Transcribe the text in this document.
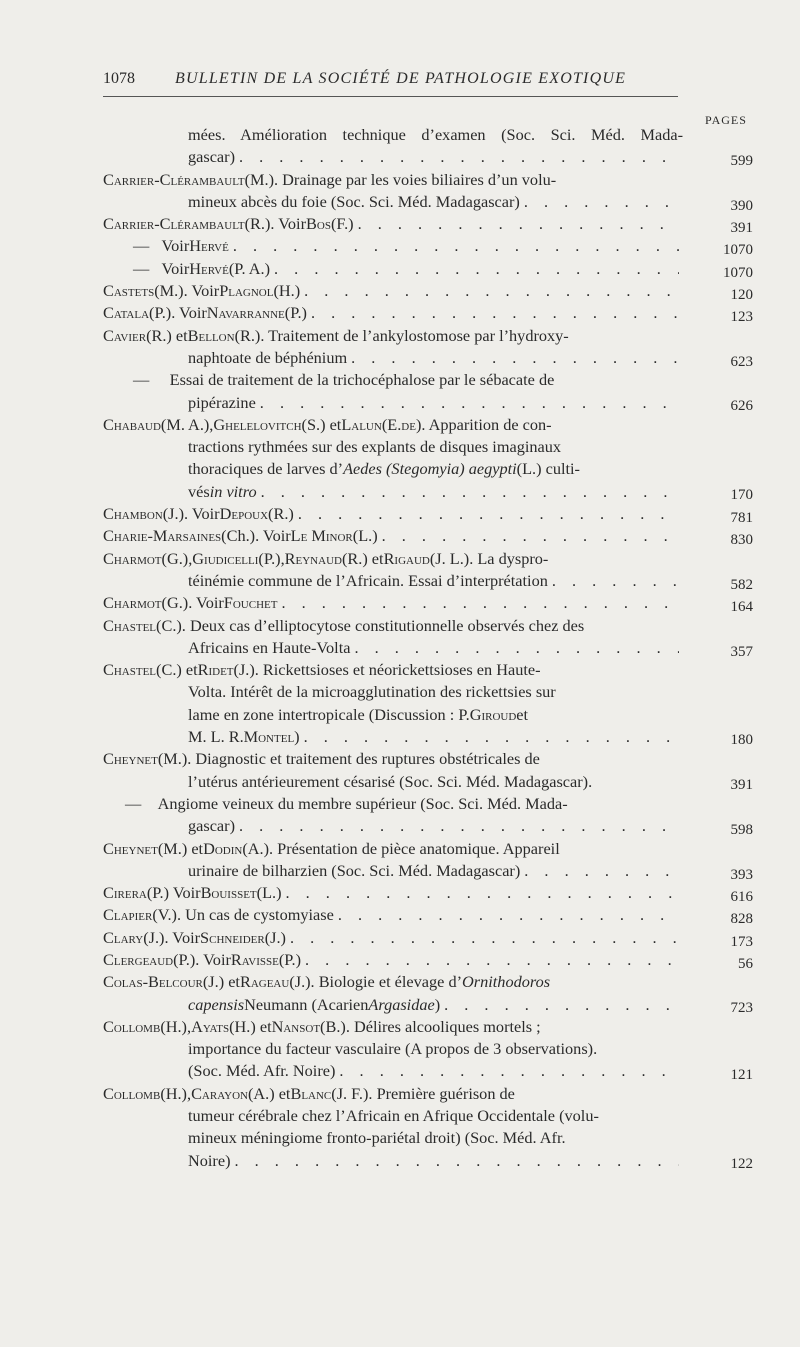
1078	BULLETIN DE LA SOCIÉTÉ DE PATHOLOGIE EXOTIQUE
PAGES
mées. Amélioration technique d’examen (Soc. Sci. Méd. Mada-
gascar) . . .	599
Carrier-Clérambault (M.). Drainage par les voies biliaires d’un volu-
mineux abcès du foie (Soc. Sci. Méd. Madagascar) . . .	390
Carrier-Clérambault (R.). Voir Bos (F.) . . .	391
—
Voir Hervé . . .	1070
—
Voir Hervé (P. A.) . . .	1070
Castets (M.). Voir Plagnol (H.) . . .	120
Catala (P.). Voir Navarranne (P.) . . .	123
Cavier (R.) et Bellon (R.). Traitement de l’ankylostomose par l’hydroxy-
naphtoate de béphénium . . .	623
—
Essai de traitement de la trichocéphalose par le sébacate de
pipérazine . . .	626
Chabaud (M. A.), Ghelelovitch (S.) et Lalun (E. de ). Apparition de con-
tractions rythmées sur des explants de disques imaginaux
thoraciques de larves d’ Aedes (Stegomyia) aegypti (L.) culti-
vés in vitro . . .	170
Chambon (J.). Voir Depoux (R.) . . .	781
Charie-Marsaines (Ch.). Voir Le Minor (L.) . . .	830
Charmot (G.), Giudicelli (P.), Reynaud (R.) et Rigaud (J. L.). La dyspro-
téinémie commune de l’Africain. Essai d’interprétation . . .	582
Charmot (G.). Voir Fouchet . . .	164
Chastel (C.). Deux cas d’elliptocytose constitutionnelle observés chez des
Africains en Haute-Volta . . .	357
Chastel (C.) et Ridet (J.). Rickettsioses et néorickettsioses en Haute-
Volta. Intérêt de la microagglutination des rickettsies sur
lame en zone intertropicale (Discussion : P. Giroud et
M. L. R. Montel ) . . .	180
Cheynet (M.). Diagnostic et traitement des ruptures obstétricales de
l’utérus antérieurement césarisé (Soc. Sci. Méd. Madagascar).	391
—
Angiome veineux du membre supérieur (Soc. Sci. Méd. Mada-
gascar) . . .	598
Cheynet (M.) et Dodin (A.). Présentation de pièce anatomique. Appareil
urinaire de bilharzien (Soc. Sci. Méd. Madagascar) . . .	393
Cirera (P.) Voir Bouisset (L.) . . .	616
Clapier (V.). Un cas de cystomyiase . . .	828
Clary (J.). Voir Schneider (J.) . . .	173
Clergeaud (P.). Voir Ravisse (P.) . . .	56
Colas-Belcour (J.) et Rageau (J.). Biologie et élevage d’ Ornithodoros
capensis Neumann (Acarien Argasidae ) . . .	723
Collomb (H.), Ayats (H.) et Nansot (B.). Délires alcooliques mortels ;
importance du facteur vasculaire (A propos de 3 observations).
(Soc. Méd. Afr. Noire) . . .	121
Collomb (H.), Carayon (A.) et Blanc (J. F.). Première guérison de
tumeur cérébrale chez l’Africain en Afrique Occidentale (volu-
mineux méningiome fronto-pariétal droit) (Soc. Méd. Afr.
Noire) . . .	122
